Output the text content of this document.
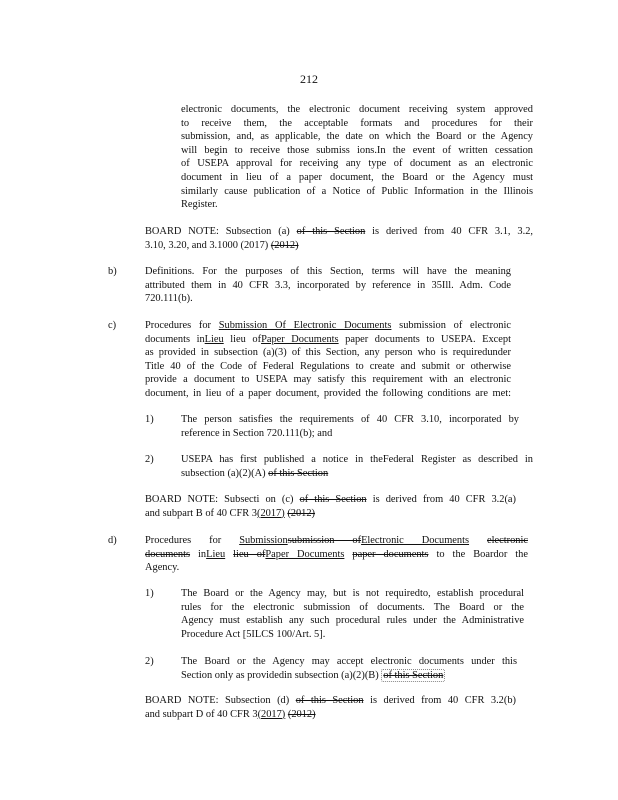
212
electronic documents, the electronic document receiving system approved
to receive them, the acceptable formats and procedures for their
submission, and, as applicable, the date on which the Board or the Agency
will begin to receive those submiss ions.In the event of written cessation
of USEPA approval for receiving any type of document as an electronic
document in lieu of a paper document, the Board or the Agency must
similarly cause publication of a Notice of Public Information in the Illinois
Register.
BOARD NOTE: Subsection (a) of this Section is derived from 40 CFR 3.1, 3.2,
3.10, 3.20, and 3.1000 (2017) (2012)
b)	Definitions. For the purposes of this Section, terms will have the meaning
attributed them in 40 CFR 3.3, incorporated by reference in 35Ill. Adm. Code
720.111(b).
c)	Procedures for Submission Of Electronic Documents submission of electronic
documents inLieu lieu ofPaper Documents paper documents to USEPA. Except
as provided in subsection (a)(3) of this Section, any person who is requiredunder
Title 40 of the Code of Federal Regulations to create and submit or otherwise
provide a document to USEPA may satisfy this requirement with an electronic
document, in lieu of a paper document, provided the following conditions are met:
1)	The person satisfies the requirements of 40 CFR 3.10, incorporated by
reference in Section 720.111(b); and
2)	USEPA has first published a notice in theFederal Register as described in
subsection (a)(2)(A) of this Section
BOARD NOTE: Subsecti on (c) of this Section is derived from 40 CFR 3.2(a)
and subpart B of 40 CFR 3(2017) (2012)
d)	Procedures for Submissionsubmission ofElectronic Documents electronic
documents inLieu lieu ofPaper Documents paper documents to the Boardor the
Agency.
1)	The Board or the Agency may, but is not requiredto, establish procedural
rules for the electronic submission of documents. The Board or the
Agency must establish any such procedural rules under the Administrative
Procedure Act [5ILCS 100/Art. 5].
2)	The Board or the Agency may accept electronic documents under this
Section only as providedin subsection (a)(2)(B) of this Section
BOARD NOTE: Subsection (d) of this Section is derived from 40 CFR 3.2(b)
and subpart D of 40 CFR 3(2017) (2012)
